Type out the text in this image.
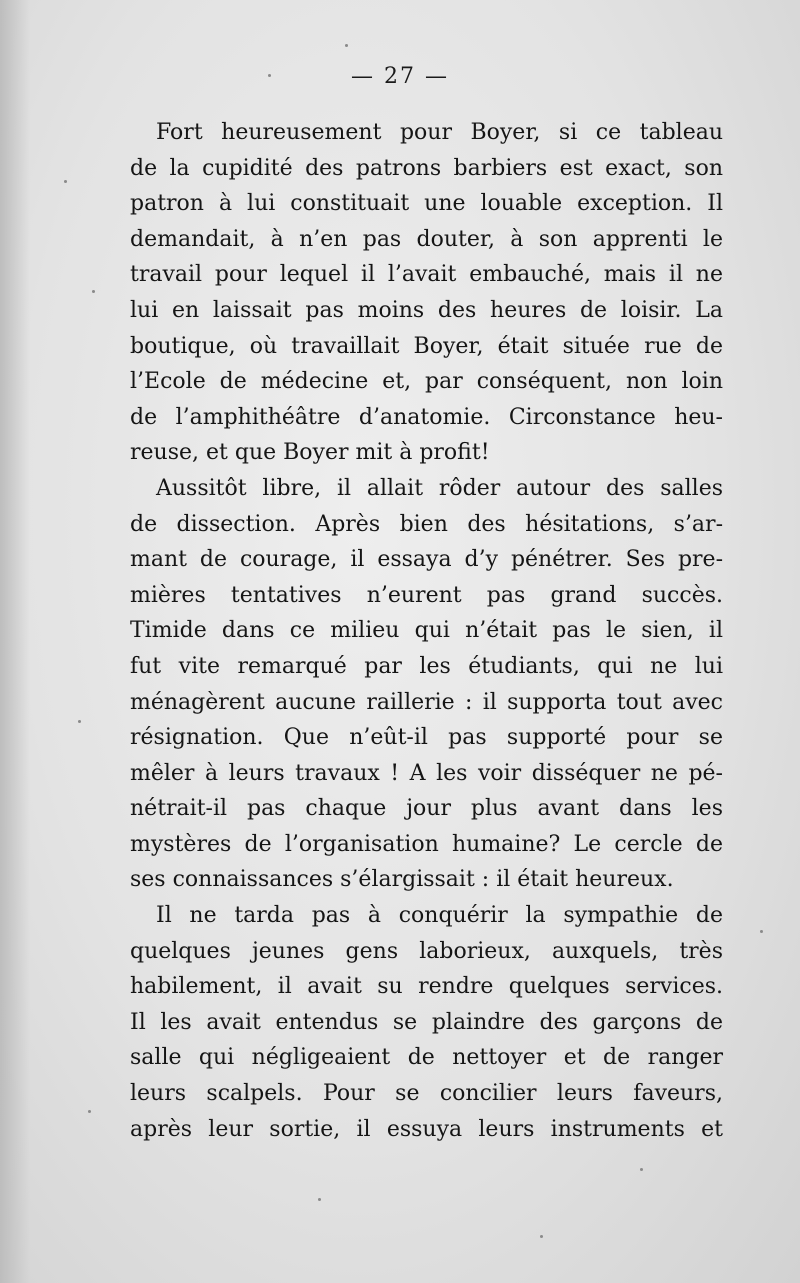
— 27 —
Fort heureusement pour Boyer, si ce tableau
de la cupidité des patrons barbiers est exact, son
patron à lui constituait une louable exception. Il
demandait, à n’en pas douter, à son apprenti le
travail pour lequel il l’avait embauché, mais il ne
lui en laissait pas moins des heures de loisir. La
boutique, où travaillait Boyer, était située rue de
l’Ecole de médecine et, par conséquent, non loin
de l’amphithéâtre d’anatomie. Circonstance heu-
reuse, et que Boyer mit à profit!
Aussitôt libre, il allait rôder autour des salles
de dissection. Après bien des hésitations, s’ar-
mant de courage, il essaya d’y pénétrer. Ses pre-
mières tentatives n’eurent pas grand succès.
Timide dans ce milieu qui n’était pas le sien, il
fut vite remarqué par les étudiants, qui ne lui
ménagèrent aucune raillerie : il supporta tout avec
résignation. Que n’eût-il pas supporté pour se
mêler à leurs travaux ! A les voir disséquer ne pé-
nétrait-il pas chaque jour plus avant dans les
mystères de l’organisation humaine? Le cercle de
ses connaissances s’élargissait : il était heureux.
Il ne tarda pas à conquérir la sympathie de
quelques jeunes gens laborieux, auxquels, très
habilement, il avait su rendre quelques services.
Il les avait entendus se plaindre des garçons de
salle qui négligeaient de nettoyer et de ranger
leurs scalpels. Pour se concilier leurs faveurs,
après leur sortie, il essuya leurs instruments et
